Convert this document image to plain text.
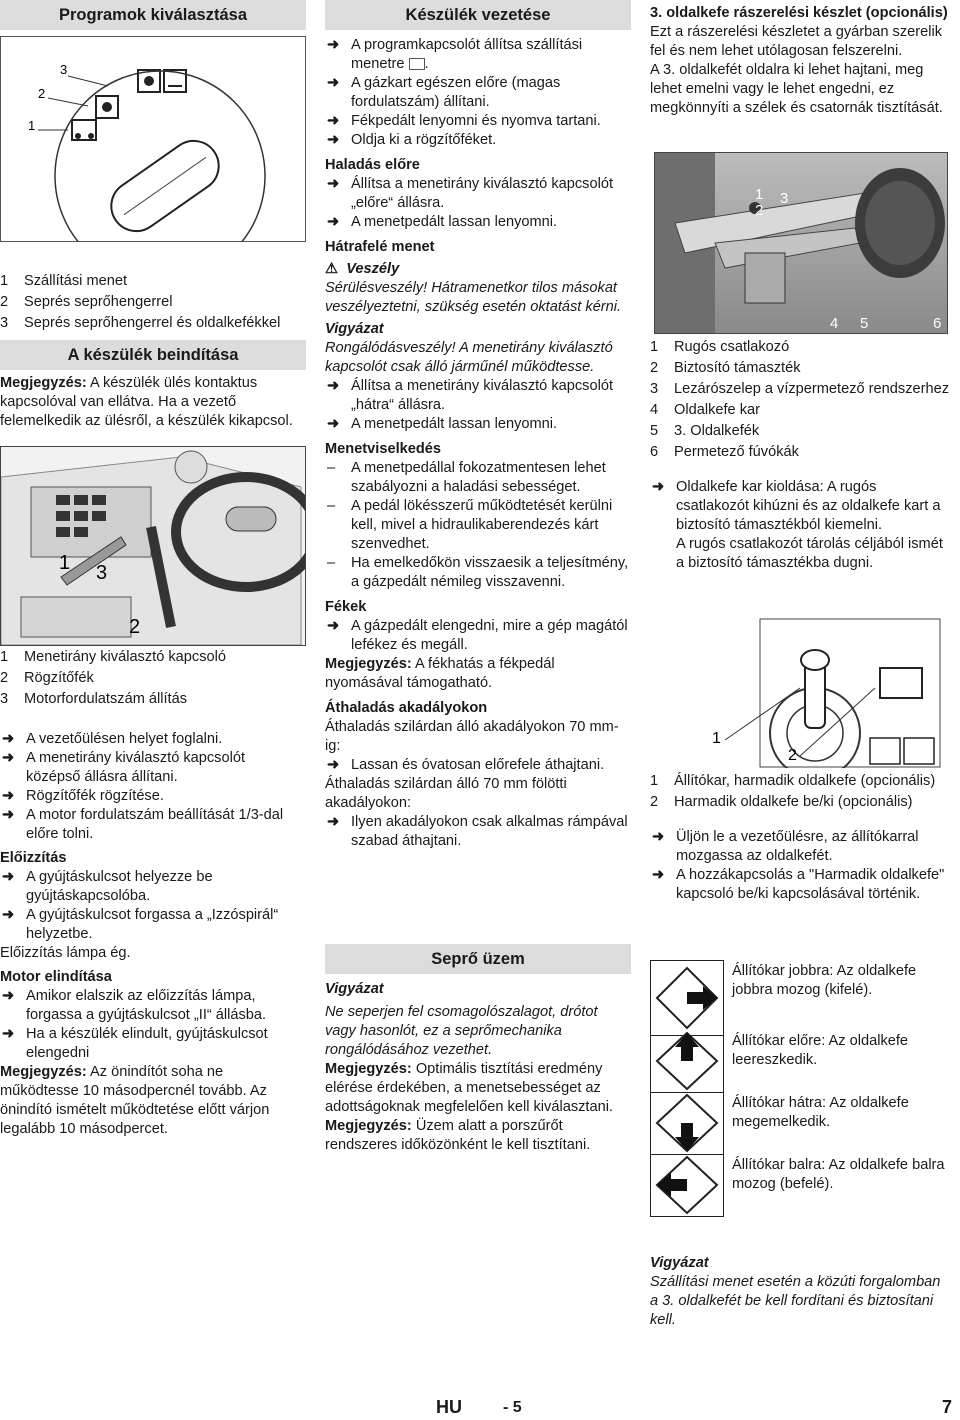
Programok kiválasztása
3
2
1

1	Szállítási menet

2	Seprés seprőhengerrel

3	Seprés seprőhengerrel és oldalkefékkel

A készülék beindítása

Megjegyzés: A készülék ülés kontaktus kapcsolóval van ellátva. Ha a vezető felemelkedik az ülésről, a készülék kikapcsol.

1 3
2

1	Menetirány kiválasztó kapcsoló

2	Rögzítőfék

3	Motorfordulatszám állítás

➜ A vezetőülésen helyet foglalni.

➜ A menetirány kiválasztó kapcsolót középső állásra állítani.

➜ Rögzítőfék rögzítése.

➜ A motor fordulatszám beállítását 1/3-dal előre tolni.

Előizzítás

➜ A gyújtáskulcsot helyezze be gyújtáskapcsolóba.

➜ A gyújtáskulcsot forgassa a „Izzóspirál“ helyzetbe.

Előizzítás lámpa ég.

Motor elindítása

➜ Amikor elalszik az előizzítás lámpa, forgassa a gyújtáskulcsot „II“ állásba.

➜ Ha a készülék elindult, gyújtáskulcsot elengedni

Megjegyzés: Az önindítót soha ne működtesse 10 másodpercnél tovább. Az önindító ismételt működtetése előtt várjon legalább 10 másodpercet.

Készülék vezetése

➜ A programkapcsolót állítsa szállítási menetre .

➜ A gázkart egészen előre (magas fordulatszám) állítani.

➜ Fékpedált lenyomni és nyomva tartani.

➜ Oldja ki a rögzítőféket.

Haladás előre

➜ Állítsa a menetirány kiválasztó kapcsolót „előre“ állásra.

➜ A menetpedált lassan lenyomni.

Hátrafelé menet

⚠ Veszély

Sérülésveszély! Hátramenetkor tilos másokat veszélyeztetni, szükség esetén oktatást kérni.

Vigyázat

Rongálódásveszély! A menetirány kiválasztó kapcsolót csak álló járműnél működtesse.

➜ Állítsa a menetirány kiválasztó kapcsolót „hátra“ állásra.

➜ A menetpedált lassan lenyomni.

Menetviselkedés

– A menetpedállal fokozatmentesen lehet szabályozni a haladási sebességet.

– A pedál lökésszerű működtetését kerülni kell, mivel a hidraulikaberendezés kárt szenvedhet.

– Ha emelkedőkön visszaesik a teljesítmény, a gázpedált némileg visszavenni.

Fékek

➜ A gázpedált elengedni, mire a gép magától lefékez és megáll.

Megjegyzés: A fékhatás a fékpedál nyomásával támogatható.

Áthaladás akadályokon

Áthaladás szilárdan álló akadályokon 70 mm-ig:

➜ Lassan és óvatosan előrefele áthajtani.

Áthaladás szilárdan álló 70 mm fölötti akadályokon:

➜ Ilyen akadályokon csak alkalmas rámpával szabad áthajtani.

Seprő üzem

Vigyázat

Ne seperjen fel csomagolószalagot, drótot vagy hasonlót, ez a seprőmechanika rongálódásához vezethet.

Megjegyzés: Optimális tisztítási eredmény elérése érdekében, a menetsebességet az adottságoknak megfelelően kell kiválasztani.

Megjegyzés: Üzem alatt a porszűrőt rendszeres időközönként le kell tisztítani.

3. oldalkefe rászerelési készlet (opcionális)

Ezt a rászerelési készletet a gyárban szerelik fel és nem lehet utólagosan felszerelni.

A 3. oldalkefét oldalra ki lehet hajtani, meg lehet emelni vagy le lehet engedni, ez megkönnyíti a szélek és csatornák tisztítását.

1
2
3
4 5	6

1	Rugós csatlakozó

2	Biztosító támaszték

3	Lezárószelep a vízpermetező rendszerhez

4	Oldalkefe kar

5	3. Oldalkefék

6	Permetező fúvókák

➜ Oldalkefe kar kioldása: A rugós csatlakozót kihúzni és az oldalkefe kart a biztosító támasztékból kiemelni.

A rugós csatlakozót tárolás céljából ismét a biztosító támasztékba dugni.

1
2

1	Állítókar, harmadik oldalkefe (opcionális)

2	Harmadik oldalkefe be/ki (opcionális)

➜ Üljön le a vezetőülésre, az állítókarral mozgassa az oldalkefét.

➜ A hozzákapcsolás a "Harmadik oldalkefe" kapcsoló be/ki kapcsolásával történik.

Állítókar jobbra: Az oldalkefe jobbra mozog (kifelé).

Állítókar előre: Az oldalkefe leereszkedik.

Állítókar hátra: Az oldalkefe megemelkedik.

Állítókar balra: Az oldalkefe balra mozog (befelé).

Vigyázat

Szállítási menet esetén a közúti forgalomban a 3. oldalkefét be kell fordítani és biztosítani kell.

HU	- 5	7
